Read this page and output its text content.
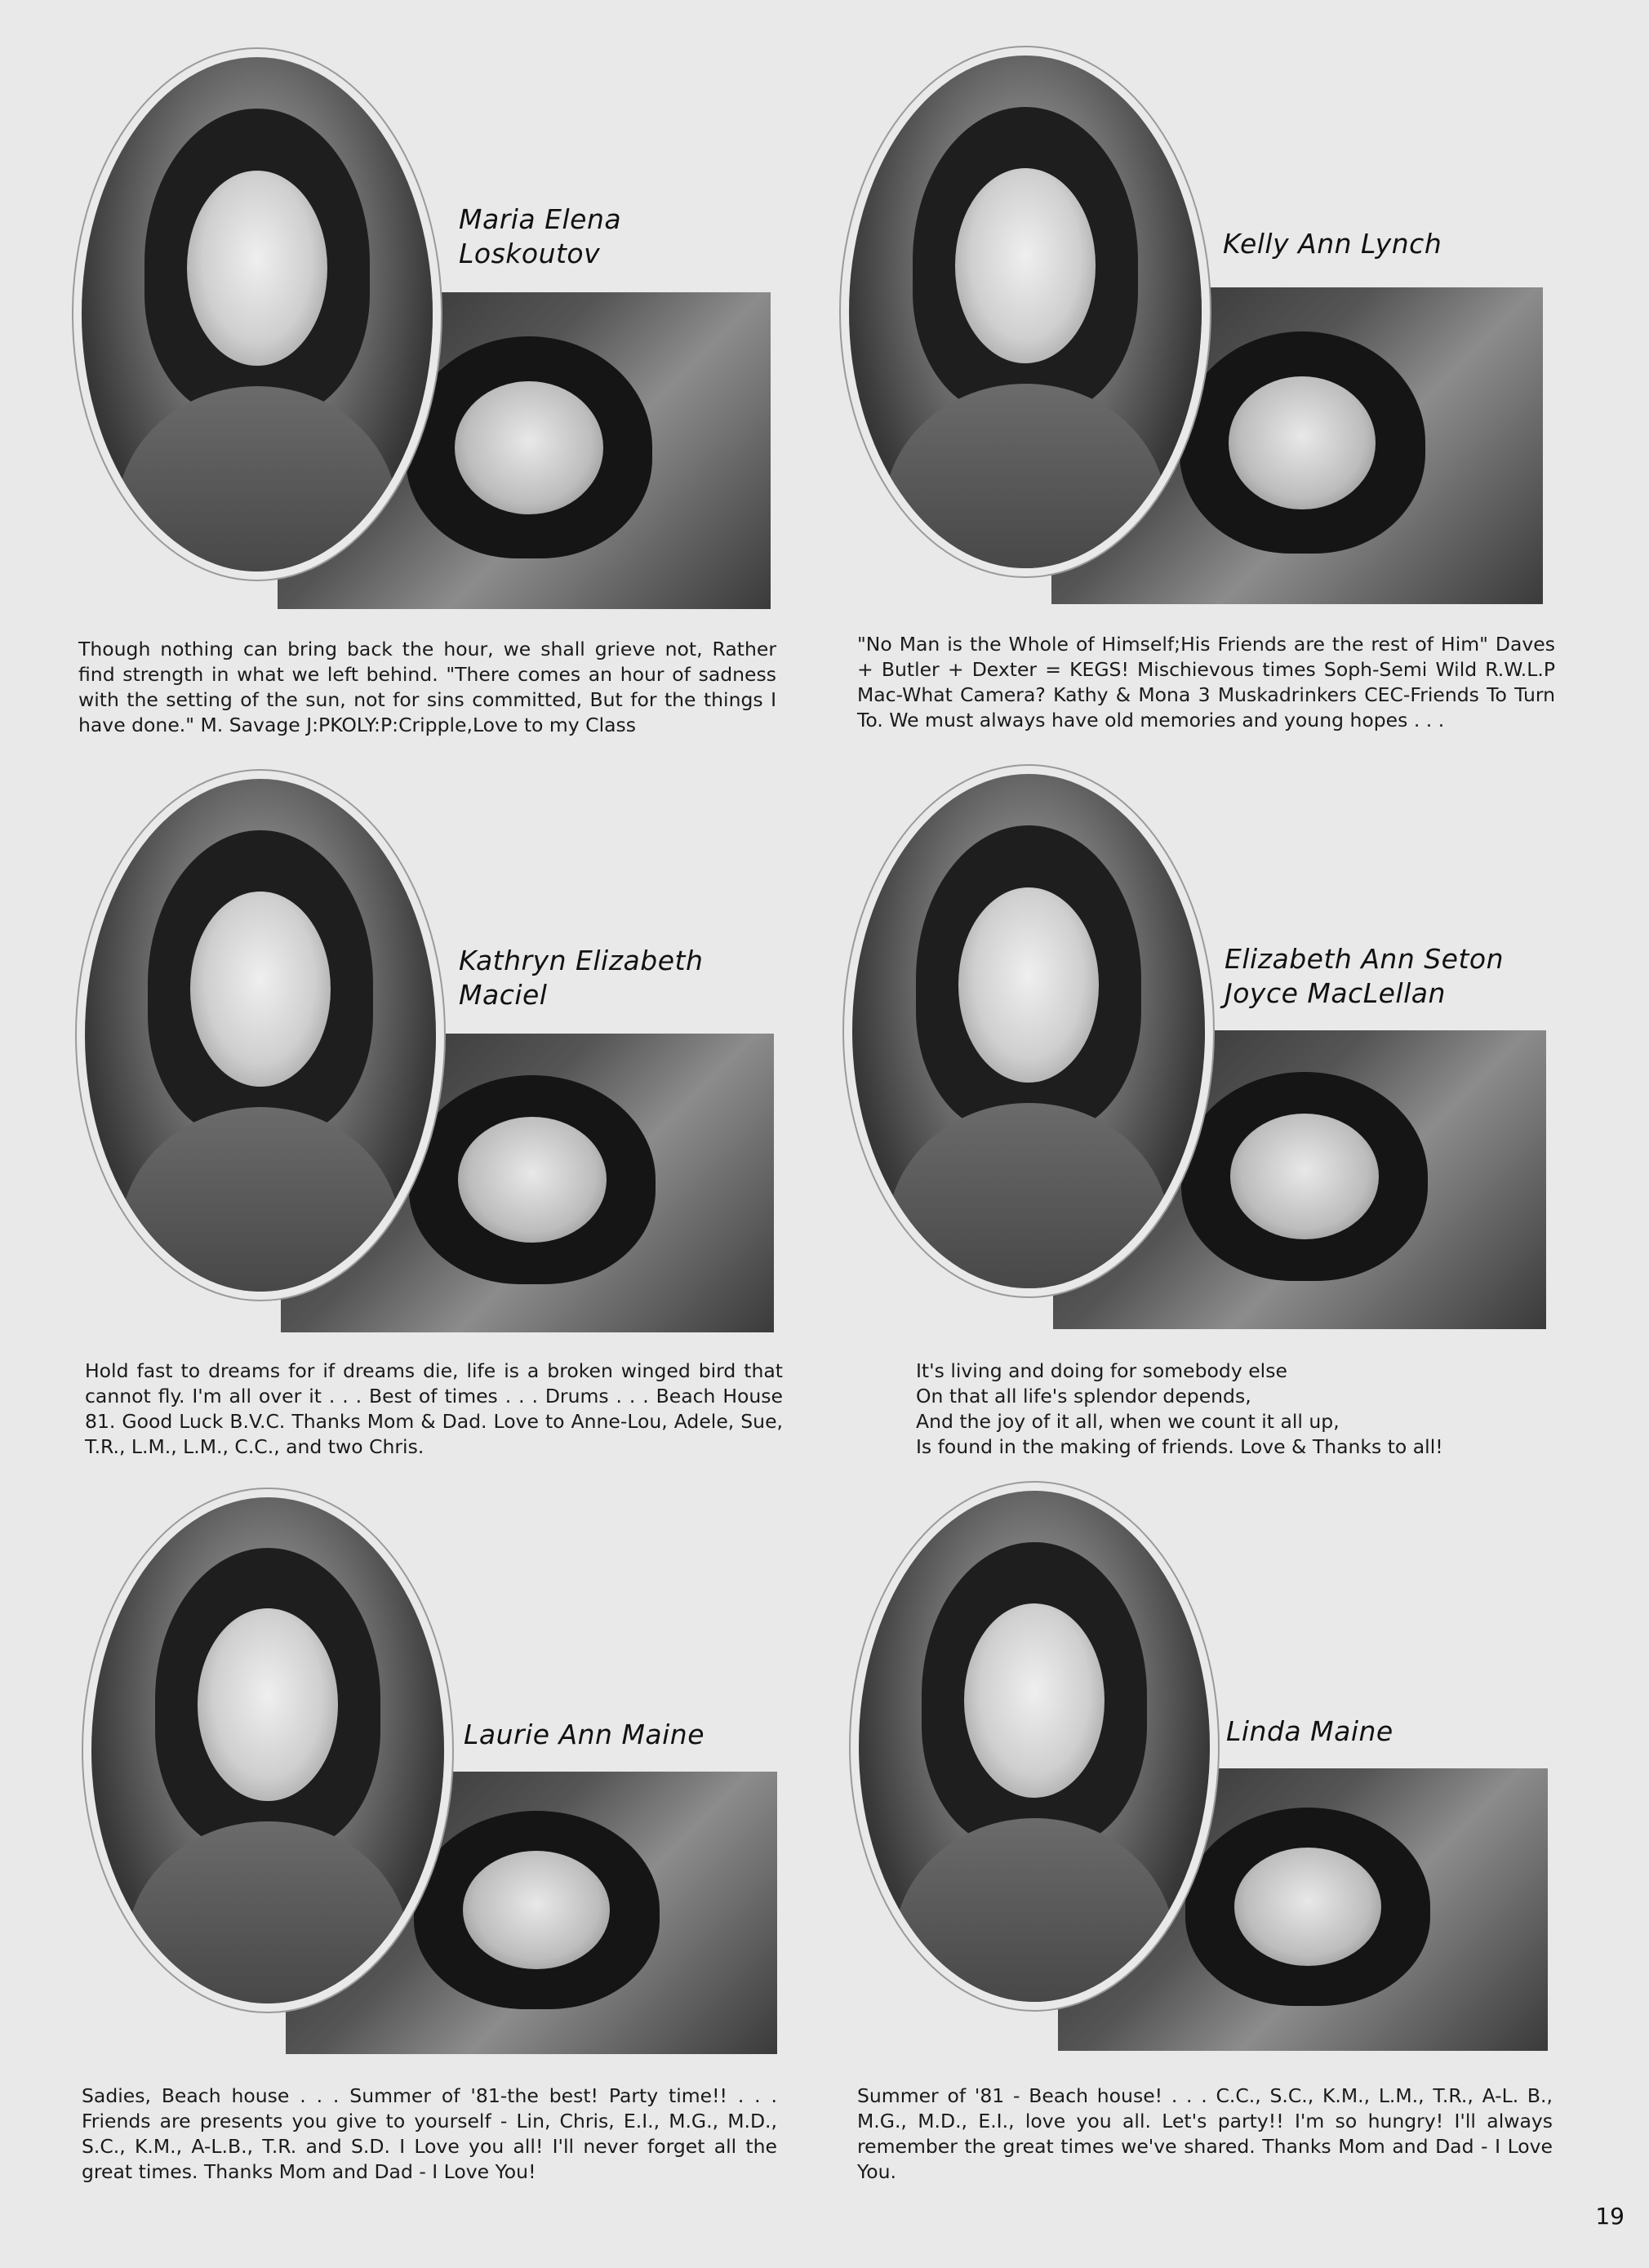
Maria Elena
Loskoutov
Though nothing can bring back the hour, we shall grieve not, Rather find strength in what we left behind. "There comes an hour of sadness with the setting of the sun, not for sins committed, But for the things I have done." M. Savage J:PKOLY:P:Cripple,Love to my Class
Kelly Ann Lynch
"No Man is the Whole of Himself;His Friends are the rest of Him" Daves + Butler + Dexter = KEGS! Mischievous times Soph-Semi Wild R.W.L.P Mac-What Camera? Kathy & Mona 3 Muskadrinkers CEC-Friends To Turn To. We must always have old memories and young hopes . . .
Kathryn Elizabeth
Maciel
Hold fast to dreams for if dreams die, life is a broken winged bird that cannot fly. I'm all over it . . . Best of times . . . Drums . . . Beach House 81. Good Luck B.V.C. Thanks Mom & Dad. Love to Anne-Lou, Adele, Sue, T.R., L.M., L.M., C.C., and two Chris.
Elizabeth Ann Seton
Joyce MacLellan
It's living and doing for somebody else
On that all life's splendor depends,
And the joy of it all, when we count it all up,
Is found in the making of friends. Love & Thanks to all!
Laurie Ann Maine
Sadies, Beach house . . . Summer of '81-the best! Party time!! . . . Friends are presents you give to yourself - Lin, Chris, E.I., M.G., M.D., S.C., K.M., A-L.B., T.R. and S.D. I Love you all! I'll never forget all the great times. Thanks Mom and Dad - I Love You!
Linda Maine
Summer of '81 - Beach house! . . . C.C., S.C., K.M., L.M., T.R., A-L. B., M.G., M.D., E.I., love you all. Let's party!! I'm so hungry! I'll always remember the great times we've shared. Thanks Mom and Dad - I Love You.
19
